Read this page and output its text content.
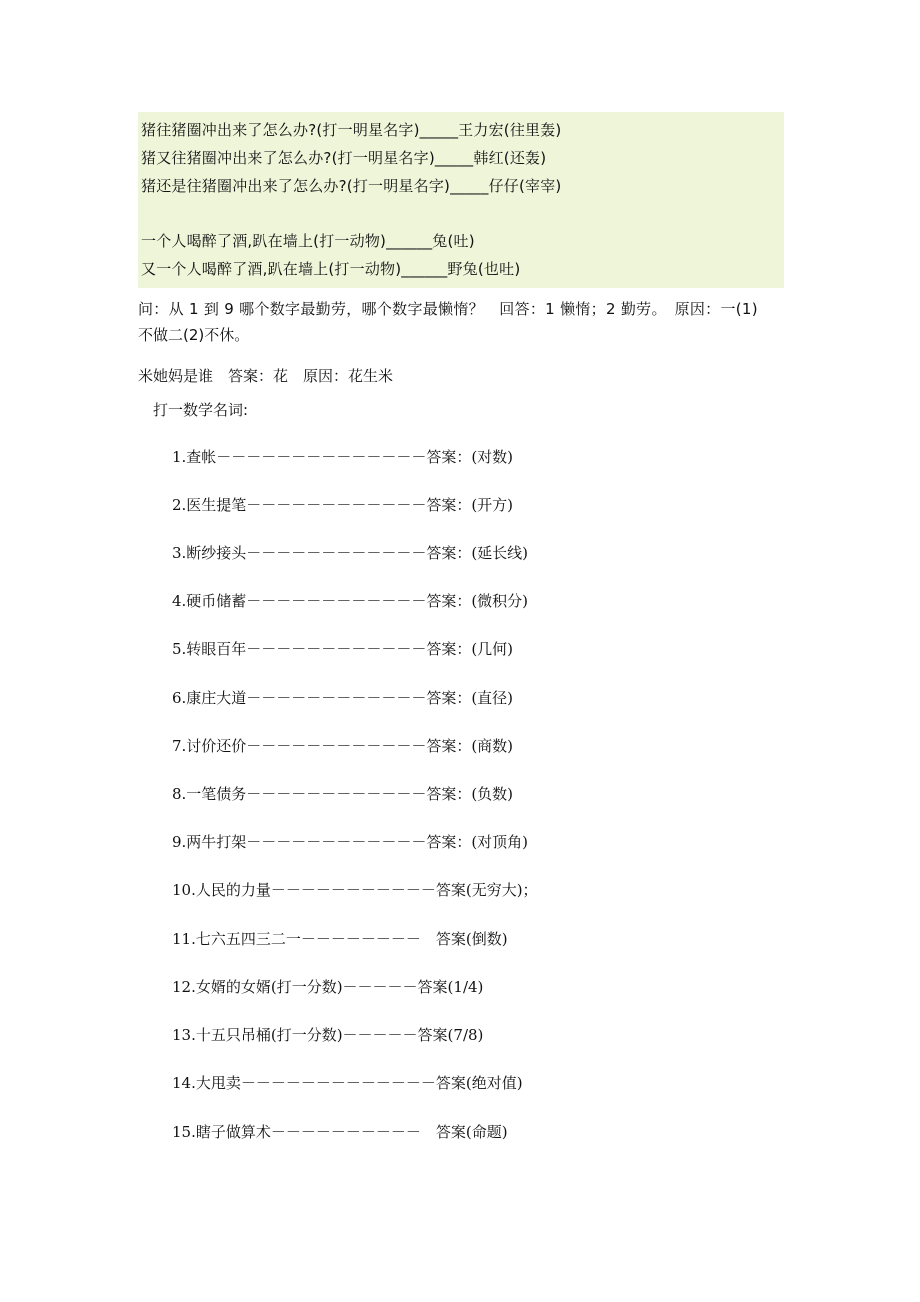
猪往猪圈冲出来了怎么办?(打一明星名字)_____王力宏(往里轰)
猪又往猪圈冲出来了怎么办?(打一明星名字)_____韩红(还轰)
猪还是往猪圈冲出来了怎么办?(打一明星名字)_____仔仔(宰宰)
一个人喝醉了酒,趴在墙上(打一动物)______兔(吐)
又一个人喝醉了酒,趴在墙上(打一动物)______野兔(也吐)
问：从 1 到 9 哪个数字最勤劳，哪个数字最懒惰？　回答：1 懒惰；2 勤劳。　原因：一(1)
不做二(2)不休。
米她妈是谁　答案：花　原因：花生米
打一数学名词:
1.查帐－－－－－－－－－－－－－－答案：(对数)
2.医生提笔－－－－－－－－－－－－答案：(开方)
3.断纱接头－－－－－－－－－－－－答案：(延长线)
4.硬币储蓄－－－－－－－－－－－－答案：(微积分)
5.转眼百年－－－－－－－－－－－－答案：(几何)
6.康庄大道－－－－－－－－－－－－答案：(直径)
7.讨价还价－－－－－－－－－－－－答案：(商数)
8.一笔债务－－－－－－－－－－－－答案：(负数)
9.两牛打架－－－－－－－－－－－－答案：(对顶角)
10.人民的力量－－－－－－－－－－－答案(无穷大)；
11.七六五四三二一－－－－－－－－　答案(倒数)
12.女婿的女婿(打一分数)－－－－－答案(1/4)
13.十五只吊桶(打一分数)－－－－－答案(7/8)
14.大甩卖－－－－－－－－－－－－－答案(绝对值)
15.瞎子做算术－－－－－－－－－－　答案(命题)
